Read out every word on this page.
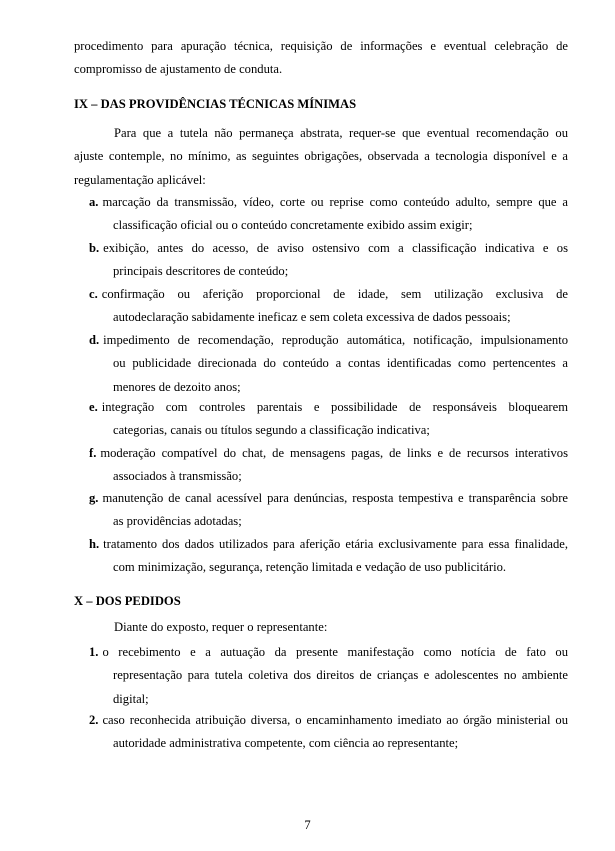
procedimento para apuração técnica, requisição de informações e eventual celebração de
compromisso de ajustamento de conduta.
IX – DAS PROVIDÊNCIAS TÉCNICAS MÍNIMAS
Para que a tutela não permaneça abstrata, requer-se que eventual recomendação ou
ajuste contemple, no mínimo, as seguintes obrigações, observada a tecnologia disponível e a
regulamentação aplicável:
a. marcação da transmissão, vídeo, corte ou reprise como conteúdo adulto, sempre que a
classificação oficial ou o conteúdo concretamente exibido assim exigir;
b. exibição, antes do acesso, de aviso ostensivo com a classificação indicativa e os
principais descritores de conteúdo;
c. confirmação ou aferição proporcional de idade, sem utilização exclusiva de
autodeclaração sabidamente ineficaz e sem coleta excessiva de dados pessoais;
d. impedimento de recomendação, reprodução automática, notificação, impulsionamento
ou publicidade direcionada do conteúdo a contas identificadas como pertencentes a
menores de dezoito anos;
e. integração com controles parentais e possibilidade de responsáveis bloquearem
categorias, canais ou títulos segundo a classificação indicativa;
f. moderação compatível do chat, de mensagens pagas, de links e de recursos interativos
associados à transmissão;
g. manutenção de canal acessível para denúncias, resposta tempestiva e transparência sobre
as providências adotadas;
h. tratamento dos dados utilizados para aferição etária exclusivamente para essa finalidade,
com minimização, segurança, retenção limitada e vedação de uso publicitário.
X – DOS PEDIDOS
Diante do exposto, requer o representante:
1. o recebimento e a autuação da presente manifestação como notícia de fato ou
representação para tutela coletiva dos direitos de crianças e adolescentes no ambiente
digital;
2. caso reconhecida atribuição diversa, o encaminhamento imediato ao órgão ministerial ou
autoridade administrativa competente, com ciência ao representante;
7
